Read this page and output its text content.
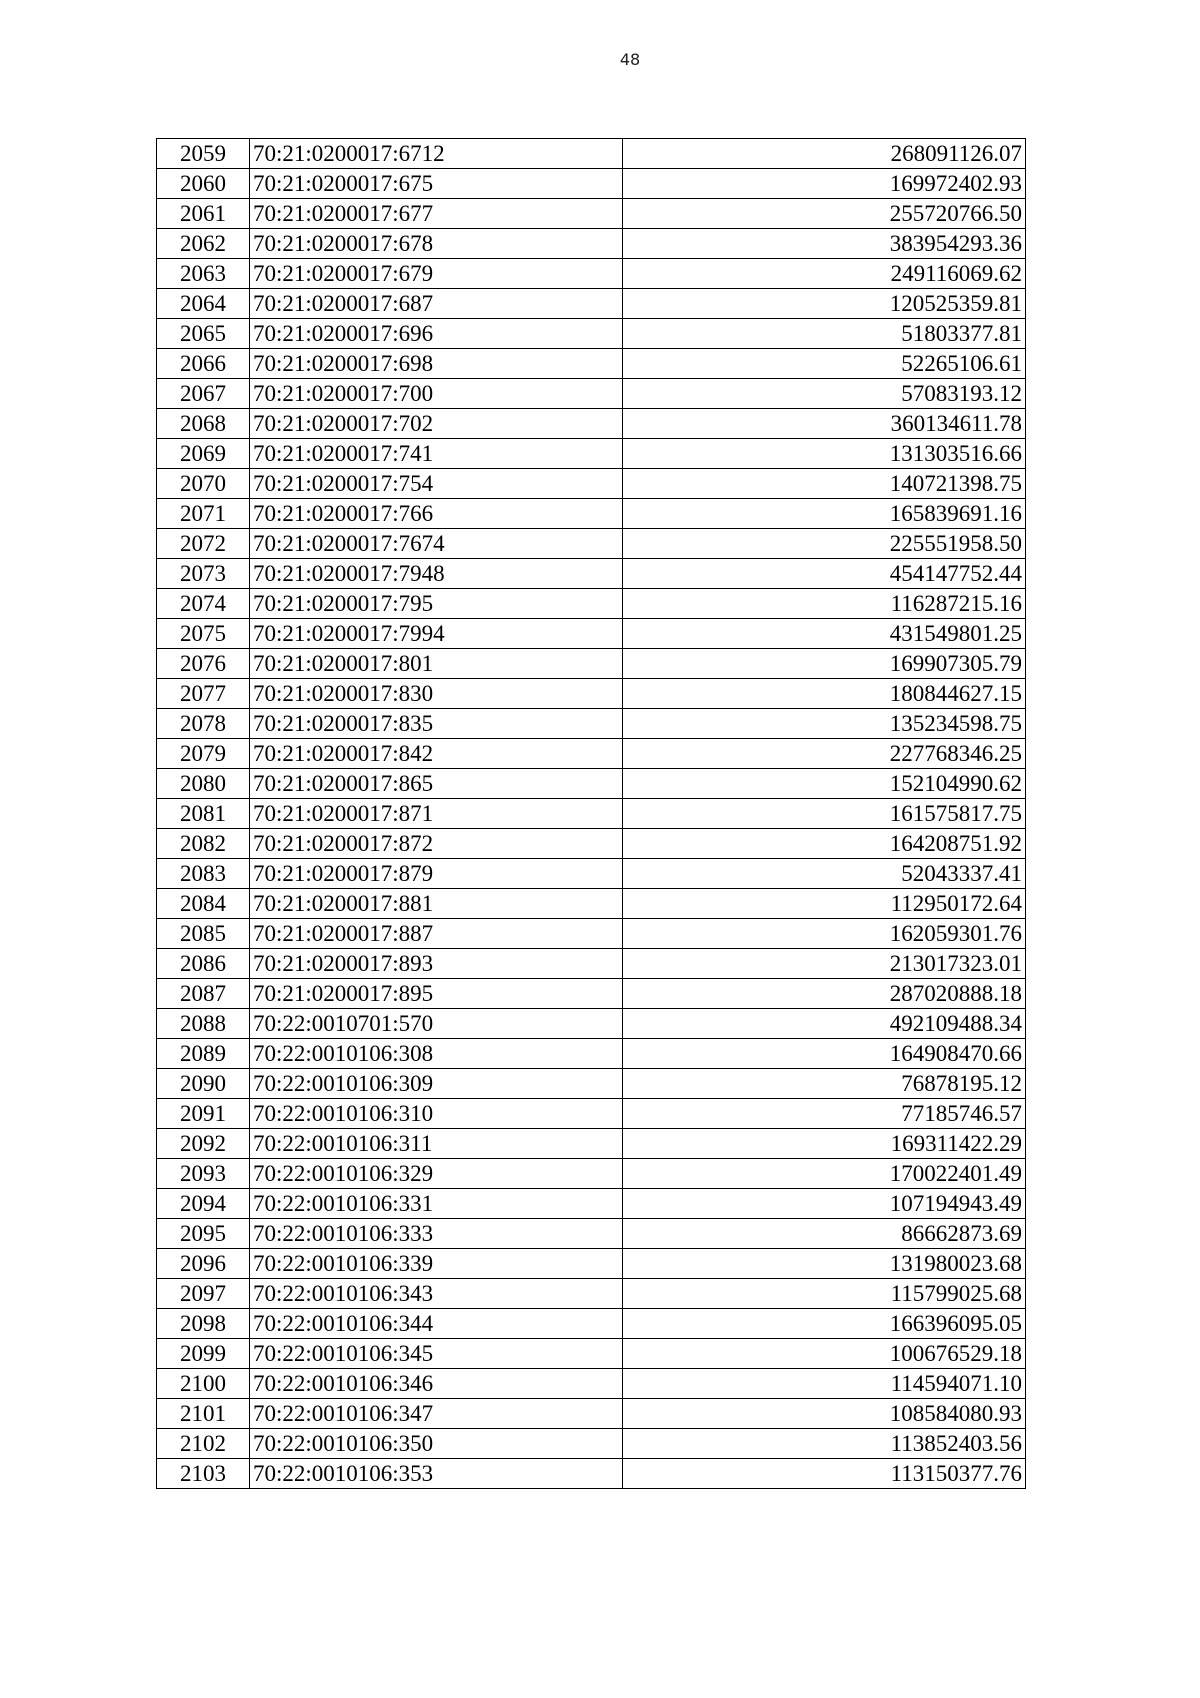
48
2059	70:21:0200017:6712	268091126.07
2060	70:21:0200017:675	169972402.93
2061	70:21:0200017:677	255720766.50
2062	70:21:0200017:678	383954293.36
2063	70:21:0200017:679	249116069.62
2064	70:21:0200017:687	120525359.81
2065	70:21:0200017:696	51803377.81
2066	70:21:0200017:698	52265106.61
2067	70:21:0200017:700	57083193.12
2068	70:21:0200017:702	360134611.78
2069	70:21:0200017:741	131303516.66
2070	70:21:0200017:754	140721398.75
2071	70:21:0200017:766	165839691.16
2072	70:21:0200017:7674	225551958.50
2073	70:21:0200017:7948	454147752.44
2074	70:21:0200017:795	116287215.16
2075	70:21:0200017:7994	431549801.25
2076	70:21:0200017:801	169907305.79
2077	70:21:0200017:830	180844627.15
2078	70:21:0200017:835	135234598.75
2079	70:21:0200017:842	227768346.25
2080	70:21:0200017:865	152104990.62
2081	70:21:0200017:871	161575817.75
2082	70:21:0200017:872	164208751.92
2083	70:21:0200017:879	52043337.41
2084	70:21:0200017:881	112950172.64
2085	70:21:0200017:887	162059301.76
2086	70:21:0200017:893	213017323.01
2087	70:21:0200017:895	287020888.18
2088	70:22:0010701:570	492109488.34
2089	70:22:0010106:308	164908470.66
2090	70:22:0010106:309	76878195.12
2091	70:22:0010106:310	77185746.57
2092	70:22:0010106:311	169311422.29
2093	70:22:0010106:329	170022401.49
2094	70:22:0010106:331	107194943.49
2095	70:22:0010106:333	86662873.69
2096	70:22:0010106:339	131980023.68
2097	70:22:0010106:343	115799025.68
2098	70:22:0010106:344	166396095.05
2099	70:22:0010106:345	100676529.18
2100	70:22:0010106:346	114594071.10
2101	70:22:0010106:347	108584080.93
2102	70:22:0010106:350	113852403.56
2103	70:22:0010106:353	113150377.76
